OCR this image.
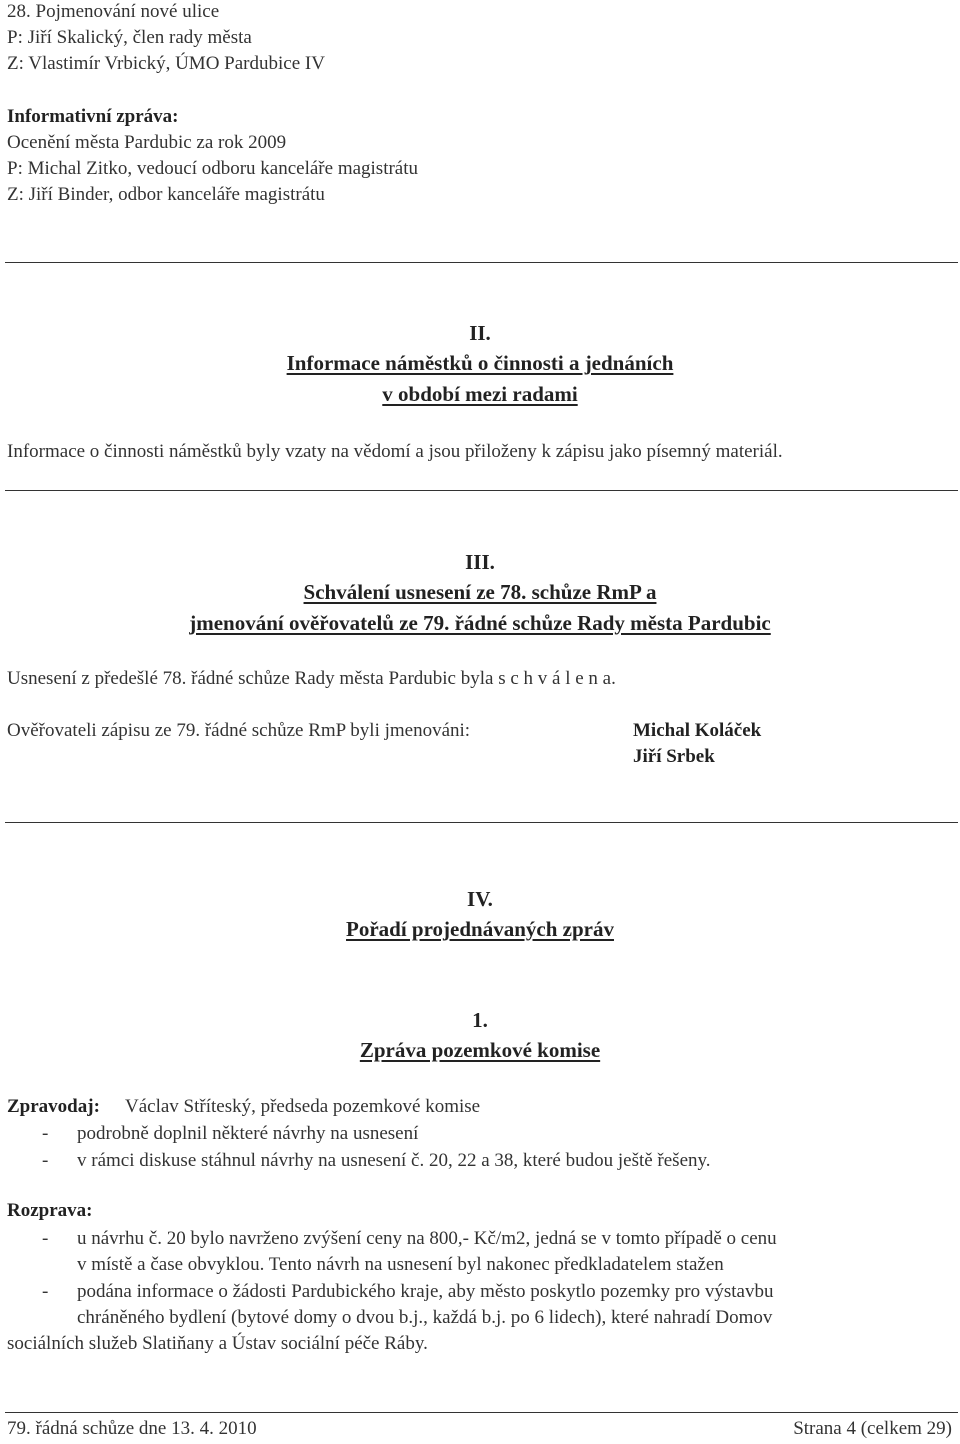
28. Pojmenování nové ulice
P: Jiří Skalický, člen rady města
Z: Vlastimír Vrbický, ÚMO Pardubice IV
Informativní zpráva:
Ocenění města Pardubic za rok 2009
P: Michal Zitko, vedoucí odboru kanceláře magistrátu
Z: Jiří Binder, odbor kanceláře magistrátu
II.
Informace náměstků o činnosti a jednáních
v období mezi radami
Informace o činnosti náměstků byly vzaty na vědomí a jsou přiloženy k zápisu jako písemný materiál.
III.
Schválení usnesení ze 78. schůze RmP a
jmenování ověřovatelů ze 79. řádné schůze Rady města Pardubic
Usnesení z předešlé 78. řádné schůze Rady města Pardubic byla s c h v á l e n a.
Ověřovateli zápisu ze 79. řádné schůze RmP byli jmenováni:	Michal Koláček
Jiří Srbek
IV.
Pořadí projednávaných zpráv
1.
Zpráva pozemkové komise
Zpravodaj: Václav Stříteský, předseda pozemkové komise
- podrobně doplnil některé návrhy na usnesení
- v rámci diskuse stáhnul návrhy na usnesení č. 20, 22 a 38, které budou ještě řešeny.
Rozprava:
- u návrhu č. 20 bylo navrženo zvýšení ceny na 800,- Kč/m2, jedná se v tomto případě o cenu
v místě a čase obvyklou. Tento návrh na usnesení byl nakonec předkladatelem stažen
- podána informace o žádosti Pardubického kraje, aby město poskytlo pozemky pro výstavbu
chráněného bydlení (bytové domy o dvou b.j., každá b.j. po 6 lidech), které nahradí Domov
sociálních služeb Slatiňany a Ústav sociální péče Ráby.
79. řádná schůze dne 13. 4. 2010	Strana 4 (celkem 29)
